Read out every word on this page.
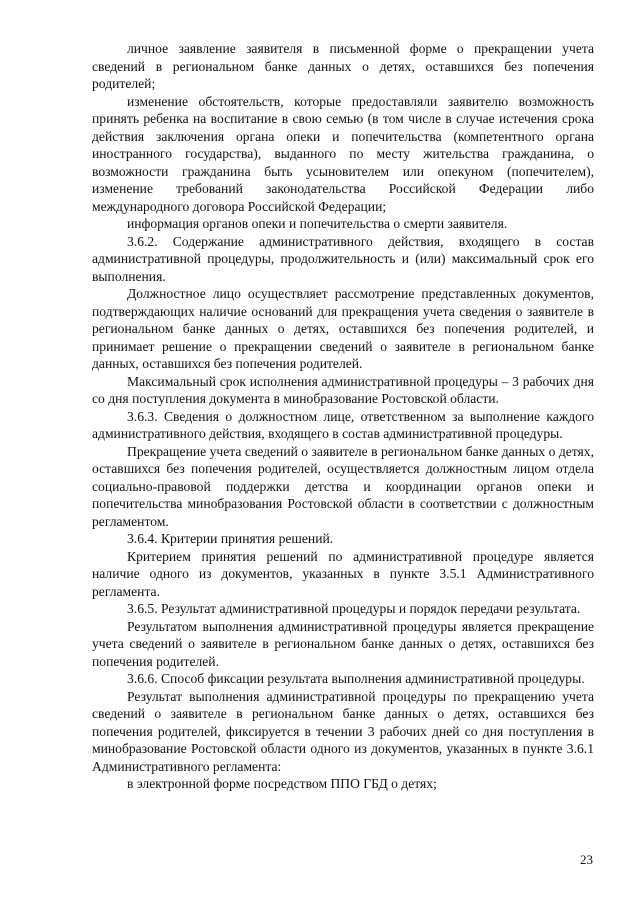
личное заявление заявителя в письменной форме о прекращении учета сведений в региональном банке данных о детях, оставшихся без попечения родителей;

изменение обстоятельств, которые предоставляли заявителю возможность принять ребенка на воспитание в свою семью (в том числе в случае истечения срока действия заключения органа опеки и попечительства (компетентного органа иностранного государства), выданного по месту жительства гражданина, о возможности гражданина быть усыновителем или опекуном (попечителем), изменение требований законодательства Российской Федерации либо международного договора Российской Федерации;

информация органов опеки и попечительства о смерти заявителя.

3.6.2. Содержание административного действия, входящего в состав административной процедуры, продолжительность и (или) максимальный срок его выполнения.

Должностное лицо осуществляет рассмотрение представленных документов, подтверждающих наличие оснований для прекращения учета сведения о заявителе в региональном банке данных о детях, оставшихся без попечения родителей, и принимает решение о прекращении сведений о заявителе в региональном банке данных, оставшихся без попечения родителей.

Максимальный срок исполнения административной процедуры – 3 рабочих дня со дня поступления документа в минобразование Ростовской области.

3.6.3. Сведения о должностном лице, ответственном за выполнение каждого административного действия, входящего в состав административной процедуры.

Прекращение учета сведений о заявителе в региональном банке данных о детях, оставшихся без попечения родителей, осуществляется должностным лицом отдела социально-правовой поддержки детства и координации органов опеки и попечительства минобразования Ростовской области в соответствии с должностным регламентом.

3.6.4. Критерии принятия решений.

Критерием принятия решений по административной процедуре является наличие одного из документов, указанных в пункте 3.5.1 Административного регламента.

3.6.5. Результат административной процедуры и порядок передачи результата.

Результатом выполнения административной процедуры является прекращение учета сведений о заявителе в региональном банке данных о детях, оставшихся без попечения родителей.

3.6.6. Способ фиксации результата выполнения административной процедуры.

Результат выполнения административной процедуры по прекращению учета сведений о заявителе в региональном банке данных о детях, оставшихся без попечения родителей, фиксируется в течении 3 рабочих дней со дня поступления в минобразование Ростовской области одного из документов, указанных в пункте 3.6.1 Административного регламента:

в электронной форме посредством ППО ГБД о детях;

23
